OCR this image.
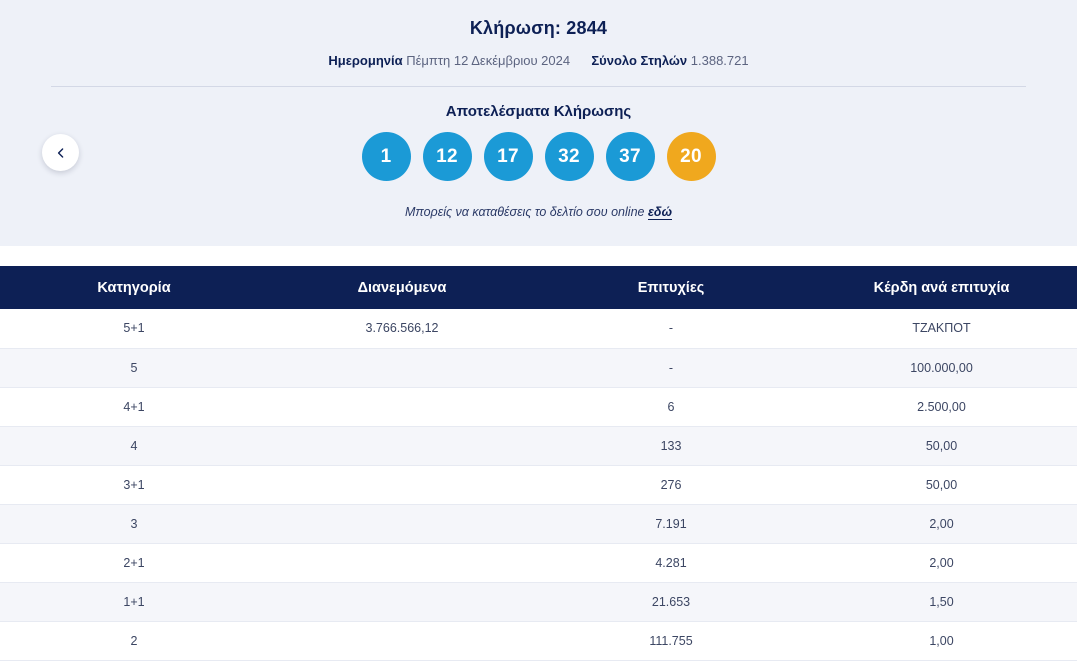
Κλήρωση: 2844
Ημερομηνία Πέμπτη 12 Δεκέμβριου 2024 Σύνολο Στηλών 1.388.721
Αποτελέσματα Κλήρωσης
1	12	17	32	37	20
Μπορείς να καταθέσεις το δελτίο σου online εδώ
Κατηγορία	Διανεμόμενα	Επιτυχίες	Κέρδη ανά επιτυχία
5+1	3.766.566,12	-	ΤΖΑΚΠΟΤ
5		-	100.000,00
4+1		6	2.500,00
4		133	50,00
3+1		276	50,00
3		7.191	2,00
2+1		4.281	2,00
1+1		21.653	1,50
2		111.755	1,00
